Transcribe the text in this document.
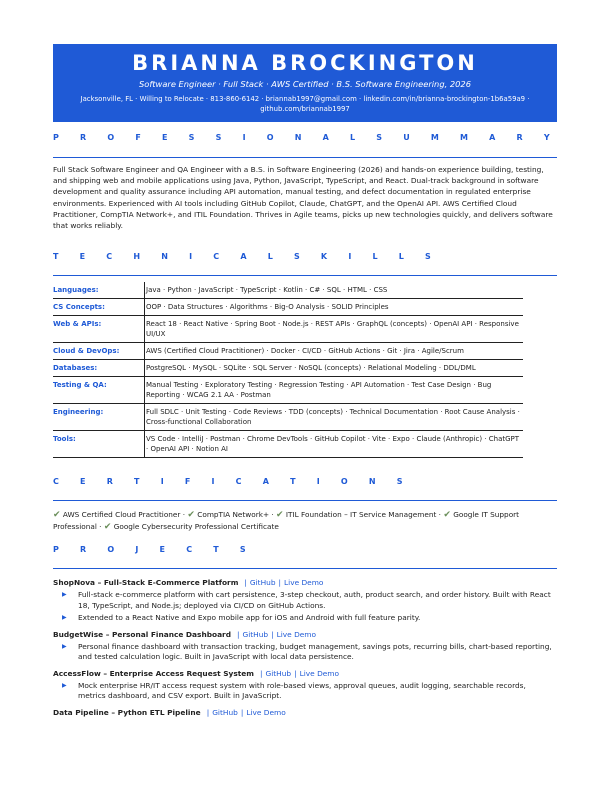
BRIANNA BROCKINGTON
Software Engineer · Full Stack · AWS Certified · B.S. Software Engineering, 2026
Jacksonville, FL · Willing to Relocate · 813-860-6142 · briannab1997@gmail.com · linkedin.com/in/brianna-brockington-1b6a59a9 ·
github.com/briannab1997
P R O F E S S I O N A L S U M M A R Y
Full Stack Software Engineer and QA Engineer with a B.S. in Software Engineering (2026) and hands-on experience building, testing, and shipping web and mobile applications using Java, Python, JavaScript, TypeScript, and React. Dual-track background in software development and quality assurance including API automation, manual testing, and defect documentation in regulated enterprise environments. Experienced with AI tools including GitHub Copilot, Claude, ChatGPT, and the OpenAI API. AWS Certified Cloud Practitioner, CompTIA Network+, and ITIL Foundation. Thrives in Agile teams, picks up new technologies quickly, and delivers software that works reliably.
T E C H N I C A L S K I L L S
Languages:	Java · Python · JavaScript · TypeScript · Kotlin · C# · SQL · HTML · CSS
CS Concepts:	OOP · Data Structures · Algorithms · Big-O Analysis · SOLID Principles
Web & APIs:	React 18 · React Native · Spring Boot · Node.js · REST APIs · GraphQL (concepts) · OpenAI API · Responsive UI/UX
Cloud & DevOps:	AWS (Certified Cloud Practitioner) · Docker · CI/CD · GitHub Actions · Git · Jira · Agile/Scrum
Databases:	PostgreSQL · MySQL · SQLite · SQL Server · NoSQL (concepts) · Relational Modeling · DDL/DML
Testing & QA:	Manual Testing · Exploratory Testing · Regression Testing · API Automation · Test Case Design · Bug Reporting · WCAG 2.1 AA · Postman
Engineering:	Full SDLC · Unit Testing · Code Reviews · TDD (concepts) · Technical Documentation · Root Cause Analysis · Cross-functional Collaboration
Tools:	VS Code · IntelliJ · Postman · Chrome DevTools · GitHub Copilot · Vite · Expo · Claude (Anthropic) · ChatGPT · OpenAI API · Notion AI
C E R T I F I C A T I O N S
✔ AWS Certified Cloud Practitioner · ✔ CompTIA Network+ · ✔ ITIL Foundation – IT Service Management · ✔ Google IT Support Professional · ✔ Google Cybersecurity Professional Certificate
P R O J E C T S
ShopNova – Full-Stack E-Commerce Platform | GitHub | Live Demo
▶ Full-stack e-commerce platform with cart persistence, 3-step checkout, auth, product search, and order history. Built with React 18, TypeScript, and Node.js; deployed via CI/CD on GitHub Actions.
▶ Extended to a React Native and Expo mobile app for iOS and Android with full feature parity.
BudgetWise – Personal Finance Dashboard | GitHub | Live Demo
▶ Personal finance dashboard with transaction tracking, budget management, savings pots, recurring bills, chart-based reporting, and tested calculation logic. Built in JavaScript with local data persistence.
AccessFlow – Enterprise Access Request System | GitHub | Live Demo
▶ Mock enterprise HR/IT access request system with role-based views, approval queues, audit logging, searchable records, metrics dashboard, and CSV export. Built in JavaScript.
Data Pipeline – Python ETL Pipeline | GitHub | Live Demo
